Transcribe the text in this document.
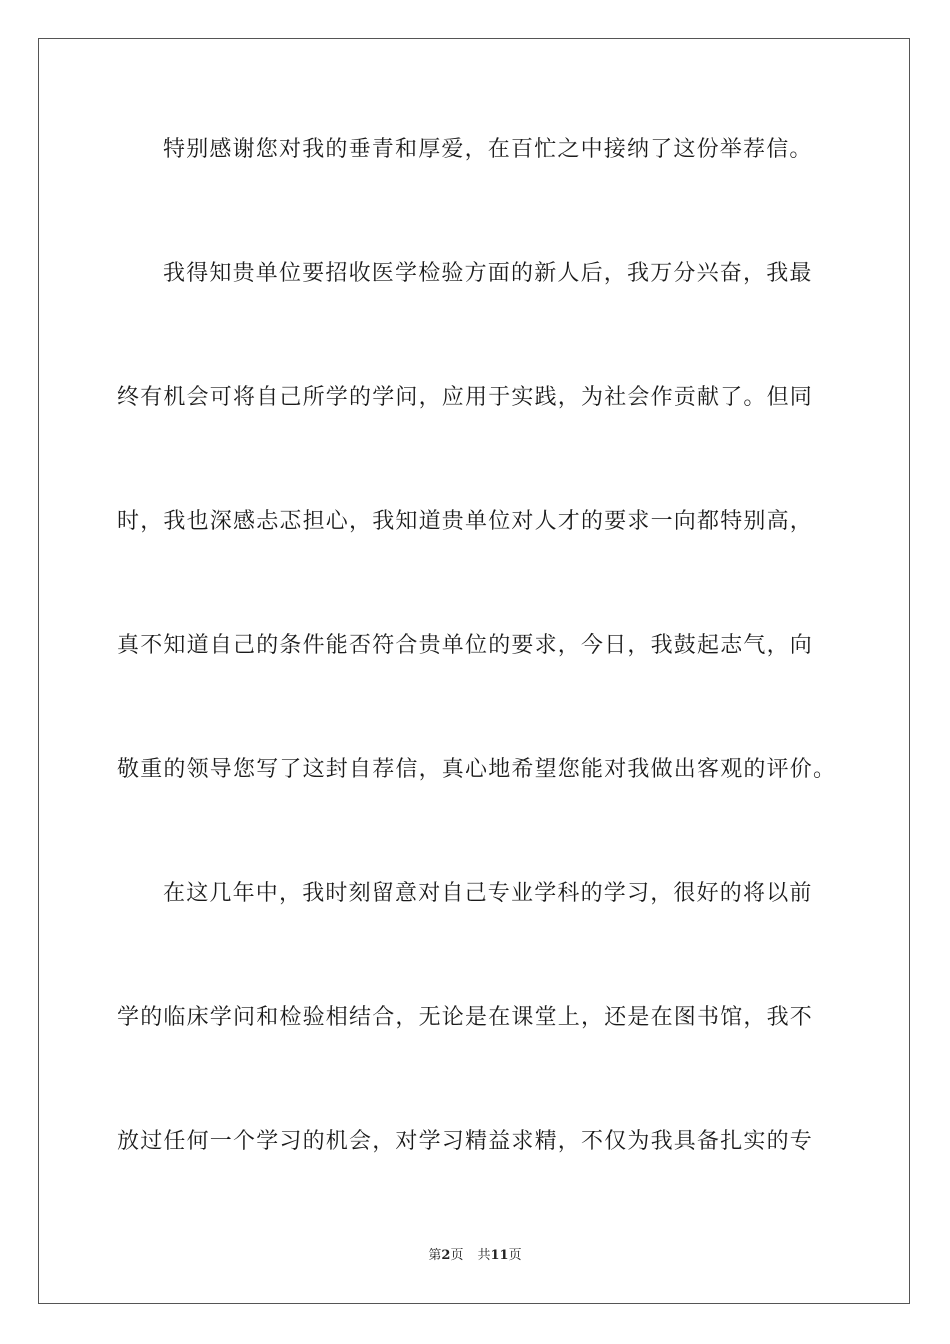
特别感谢您对我的垂青和厚爱，在百忙之中接纳了这份举荐信。
我得知贵单位要招收医学检验方面的新人后，我万分兴奋，我最
终有机会可将自己所学的学问，应用于实践，为社会作贡献了。但同
时，我也深感忐忑担心，我知道贵单位对人才的要求一向都特别高，
真不知道自己的条件能否符合贵单位的要求，今日，我鼓起志气，向
敬重的领导您写了这封自荐信，真心地希望您能对我做出客观的评价。
在这几年中，我时刻留意对自己专业学科的学习，很好的将以前
学的临床学问和检验相结合，无论是在课堂上，还是在图书馆，我不
放过任何一个学习的机会，对学习精益求精，不仅为我具备扎实的专
第2页 共11页
